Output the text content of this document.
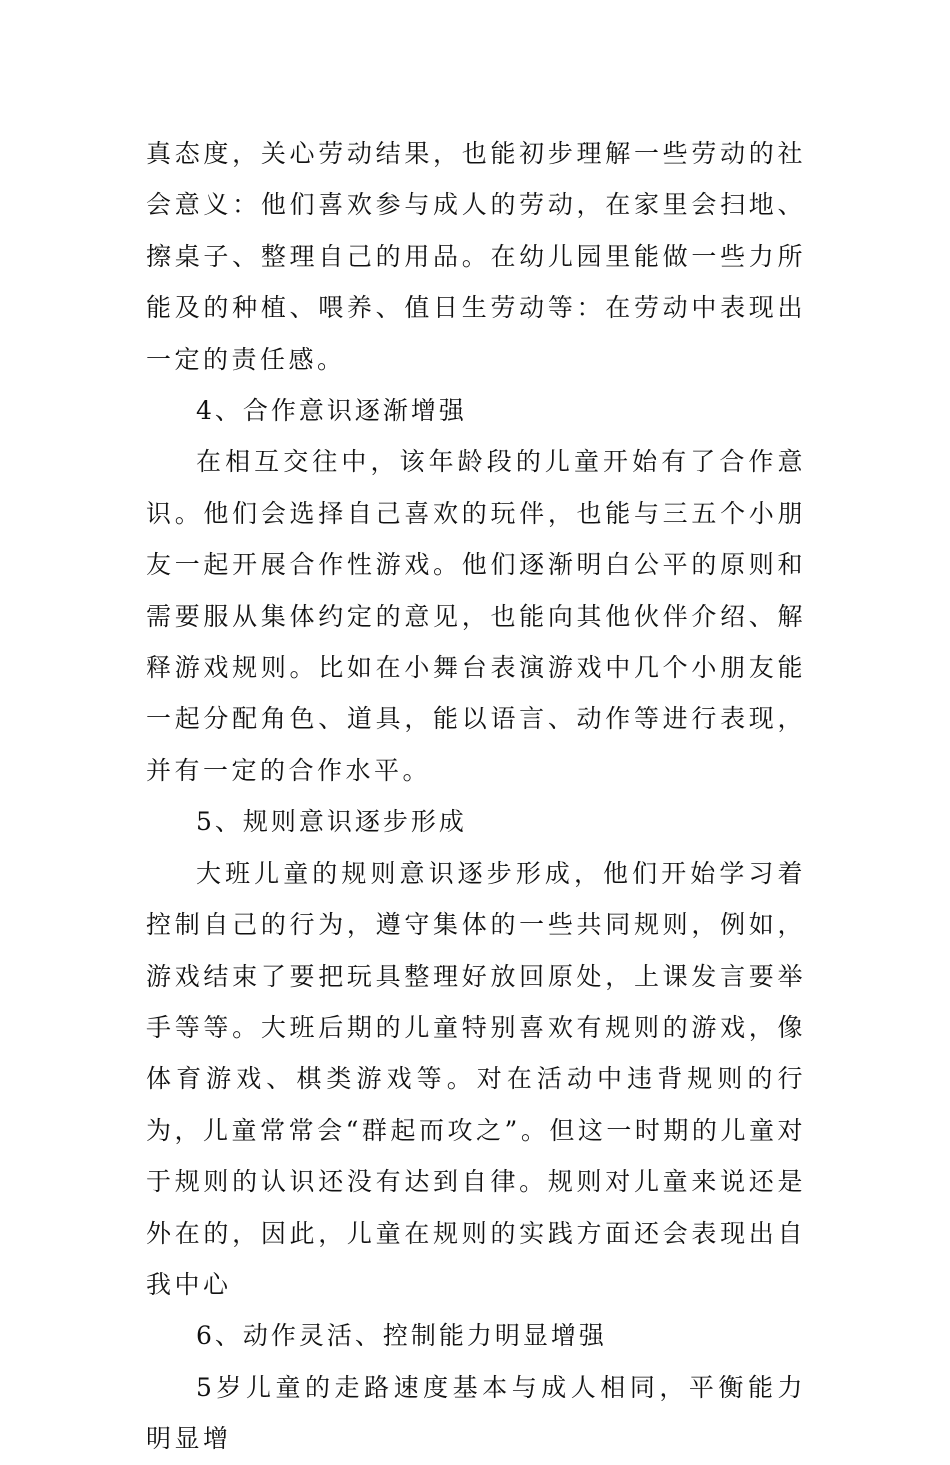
真态度，关心劳动结果，也能初步理解一些劳动的社会意义：他们喜欢参与成人的劳动，在家里会扫地、擦桌子、整理自己的用品。在幼儿园里能做一些力所能及的种植、喂养、值日生劳动等：在劳动中表现出一定的责任感。

4、合作意识逐渐增强

在相互交往中，该年龄段的儿童开始有了合作意识。他们会选择自己喜欢的玩伴，也能与三五个小朋友一起开展合作性游戏。他们逐渐明白公平的原则和需要服从集体约定的意见，也能向其他伙伴介绍、解释游戏规则。比如在小舞台表演游戏中几个小朋友能一起分配角色、道具，能以语言、动作等进行表现，并有一定的合作水平。

5、规则意识逐步形成

大班儿童的规则意识逐步形成，他们开始学习着控制自己的行为，遵守集体的一些共同规则，例如，游戏结束了要把玩具整理好放回原处，上课发言要举手等等。大班后期的儿童特别喜欢有规则的游戏，像体育游戏、棋类游戏等。对在活动中违背规则的行为，儿童常常会“群起而攻之”。但这一时期的儿童对于规则的认识还没有达到自律。规则对儿童来说还是外在的，因此，儿童在规则的实践方面还会表现出自我中心

6、动作灵活、控制能力明显增强

5岁儿童的走路速度基本与成人相同，平衡能力明显增
